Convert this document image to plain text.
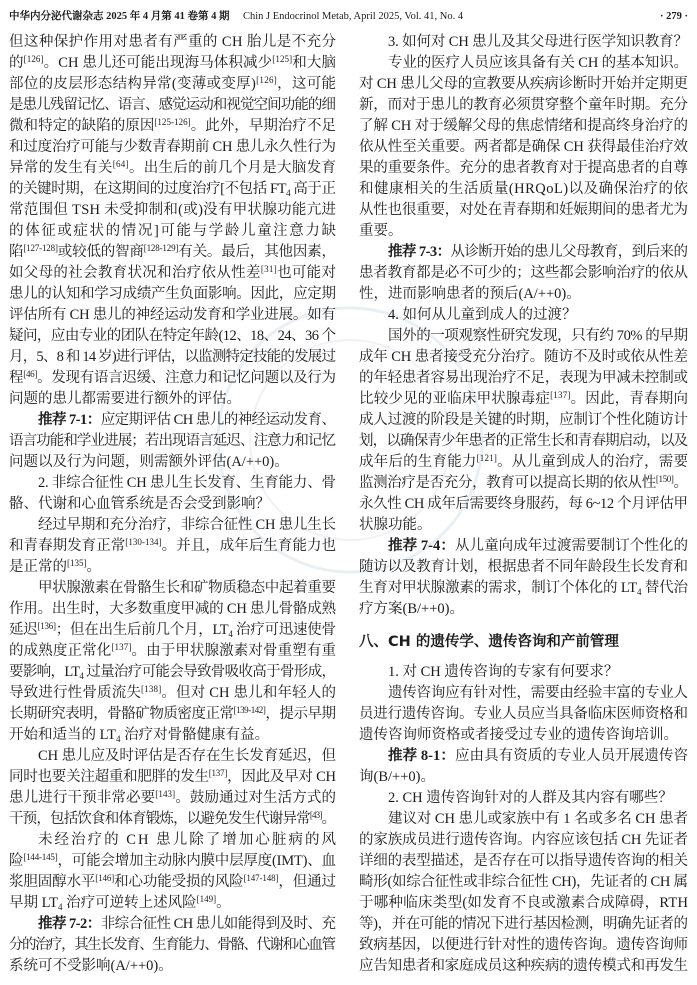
中华内分泌代谢杂志 2025 年 4 月第 41 卷第 4 期 Chin J Endocrinol Metab, April 2025, Vol. 41, No. 4	· 279 ·
但这种保护作用对患者有严重的 CH 胎儿是不充分
的[126]。CH 患儿还可能出现海马体积减少[125]和大脑
部位的皮层形态结构异常(变薄或变厚)[126]，这可能
是患儿残留记忆、语言、感觉运动和视觉空间功能的细
微和特定的缺陷的原因[125-126]。此外，早期治疗不足
和过度治疗可能与少数青春期前 CH 患儿永久性行为
异常的发生有关[64]。出生后的前几个月是大脑发育
的关键时期，在这期间的过度治疗[不包括 $FT_4$ 高于正
常范围但 TSH 未受抑制和(或)没有甲状腺功能亢进
的体征或症状的情况]可能与学龄儿童注意力缺
陷[127-128]或较低的智商[128-129]有关。最后，其他因素，
如父母的社会教育状况和治疗依从性差[31]也可能对
患儿的认知和学习成绩产生负面影响。因此，应定期
评估所有 CH 患儿的神经运动发育和学业进展。如有
疑问，应由专业的团队在特定年龄(12、18、24、36 个
月，5、8 和 14 岁)进行评估，以监测特定技能的发展过
程[46]。发现有语言迟缓、注意力和记忆问题以及行为
问题的患儿都需要进行额外的评估。
推荐 7-1：应定期评估 CH 患儿的神经运动发育、
语言功能和学业进展；若出现语言延迟、注意力和记忆
问题以及行为问题，则需额外评估(A/++0)。
2. 非综合征性 CH 患儿生长发育、生育能力、骨
骼、代谢和心血管系统是否会受到影响？
经过早期和充分治疗，非综合征性 CH 患儿生长
和青春期发育正常[130-134]。并且，成年后生育能力也
是正常的[135]。
甲状腺激素在骨骼生长和矿物质稳态中起着重要
作用。出生时，大多数重度甲减的 CH 患儿骨骼成熟
延迟[136]；但在出生后前几个月，$LT_4$ 治疗可迅速使骨
的成熟度正常化[137]。由于甲状腺激素对骨重塑有重
要影响，$LT_4$ 过量治疗可能会导致骨吸收高于骨形成，
导致进行性骨质流失[138]。但对 CH 患儿和年轻人的
长期研究表明，骨骼矿物质密度正常[139-142]，提示早期
开始和适当的 $LT_4$ 治疗对骨骼健康有益。
CH 患儿应及时评估是否存在生长发育延迟，但
同时也要关注超重和肥胖的发生[137]，因此及早对 CH
患儿进行干预非常必要[143]。鼓励通过对生活方式的
干预，包括饮食和体育锻炼，以避免发生代谢异常[43]。
未经治疗的 CH 患儿除了增加心脏病的风
险[144-145]，可能会增加主动脉内膜中层厚度(IMT)、血
浆胆固醇水平[146]和心功能受损的风险[147-148]，但通过
早期 $LT_4$ 治疗可逆转上述风险[149]。
推荐 7-2：非综合征性 CH 患儿如能得到及时、充
分的治疗，其生长发育、生育能力、骨骼、代谢和心血管
系统可不受影响(A/++0)。
3. 如何对 CH 患儿及其父母进行医学知识教育？
专业的医疗人员应该具备有关 CH 的基本知识。
对 CH 患儿父母的宣教要从疾病诊断时开始并定期更
新，而对于患儿的教育必须贯穿整个童年时期。充分
了解 CH 对于缓解父母的焦虑情绪和提高终身治疗的
依从性至关重要。两者都是确保 CH 获得最佳治疗效
果的重要条件。充分的患者教育对于提高患者的自尊
和健康相关的生活质量(HRQoL)以及确保治疗的依
从性也很重要，对处在青春期和妊娠期间的患者尤为
重要。
推荐 7-3：从诊断开始的患儿父母教育，到后来的
患者教育都是必不可少的；这些都会影响治疗的依从
性，进而影响患者的预后(A/++0)。
4. 如何从儿童到成人的过渡？
国外的一项观察性研究发现，只有约 70% 的早期
成年 CH 患者接受充分治疗。随访不及时或依从性差
的年轻患者容易出现治疗不足，表现为甲减未控制或
比较少见的亚临床甲状腺毒症[137]。因此，青春期向
成人过渡的阶段是关键的时期，应制订个性化随访计
划，以确保青少年患者的正常生长和青春期启动，以及
成年后的生育能力[121]。从儿童到成人的治疗，需要
监测治疗是否充分，教育可以提高长期的依从性[150]。
永久性 CH 成年后需要终身服药，每 6~12 个月评估甲
状腺功能。
推荐 7-4：从儿童向成年过渡需要制订个性化的
随访以及教育计划，根据患者不同年龄段生长发育和
生育对甲状腺激素的需求，制订个体化的 $LT_4$ 替代治
疗方案(B/++0)。
八、CH 的遗传学、遗传咨询和产前管理
1. 对 CH 遗传咨询的专家有何要求？
遗传咨询应有针对性，需要由经验丰富的专业人
员进行遗传咨询。专业人员应当具备临床医师资格和
遗传咨询师资格或者接受过专业的遗传咨询培训。
推荐 8-1：应由具有资质的专业人员开展遗传咨
询(B/++0)。
2. CH 遗传咨询针对的人群及其内容有哪些？
建议对 CH 患儿或家族中有 1 名或多名 CH 患者
的家族成员进行遗传咨询。内容应该包括 CH 先证者
详细的表型描述，是否存在可以指导遗传咨询的相关
畸形(如综合征性或非综合征性 CH)，先证者的 CH 属
于哪种临床类型(如发育不良或激素合成障碍，RTH
等)，并在可能的情况下进行基因检测，明确先证者的
致病基因，以便进行针对性的遗传咨询。遗传咨询师
应告知患者和家庭成员这种疾病的遗传模式和再发生
